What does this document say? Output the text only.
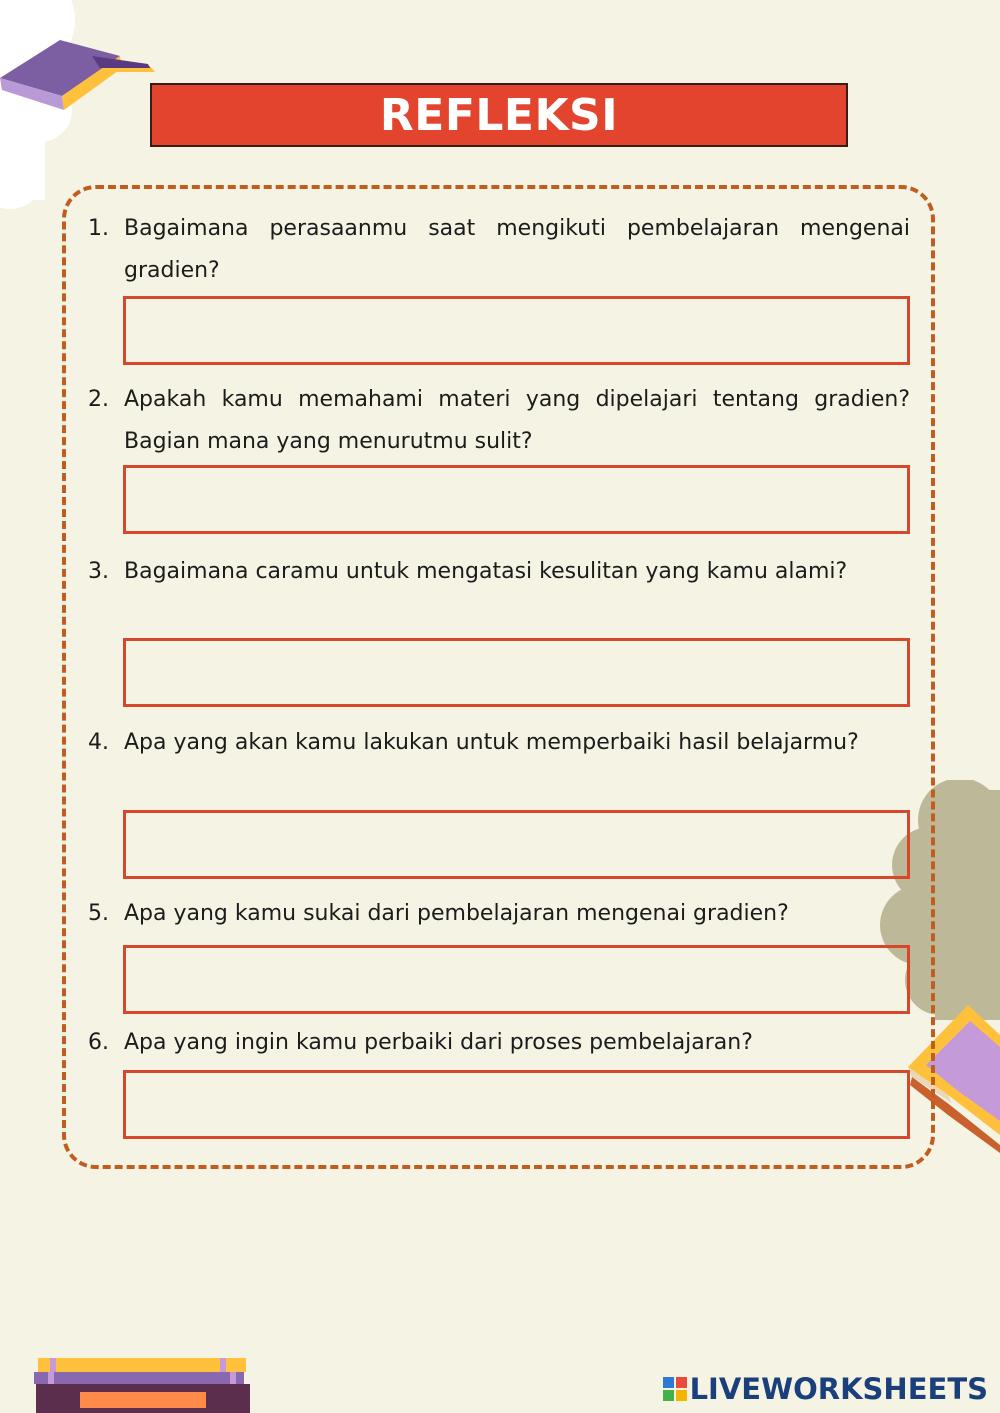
REFLEKSI
1. Bagaimana perasaanmu saat mengikuti pembelajaran mengenai gradien?
2. Apakah kamu memahami materi yang dipelajari tentang gradien? Bagian mana yang menurutmu sulit?
3. Bagaimana caramu untuk mengatasi kesulitan yang kamu alami?
4. Apa yang akan kamu lakukan untuk memperbaiki hasil belajarmu?
5. Apa yang kamu sukai dari pembelajaran mengenai gradien?
6. Apa yang ingin kamu perbaiki dari proses pembelajaran?
LIVEWORKSHEETS
